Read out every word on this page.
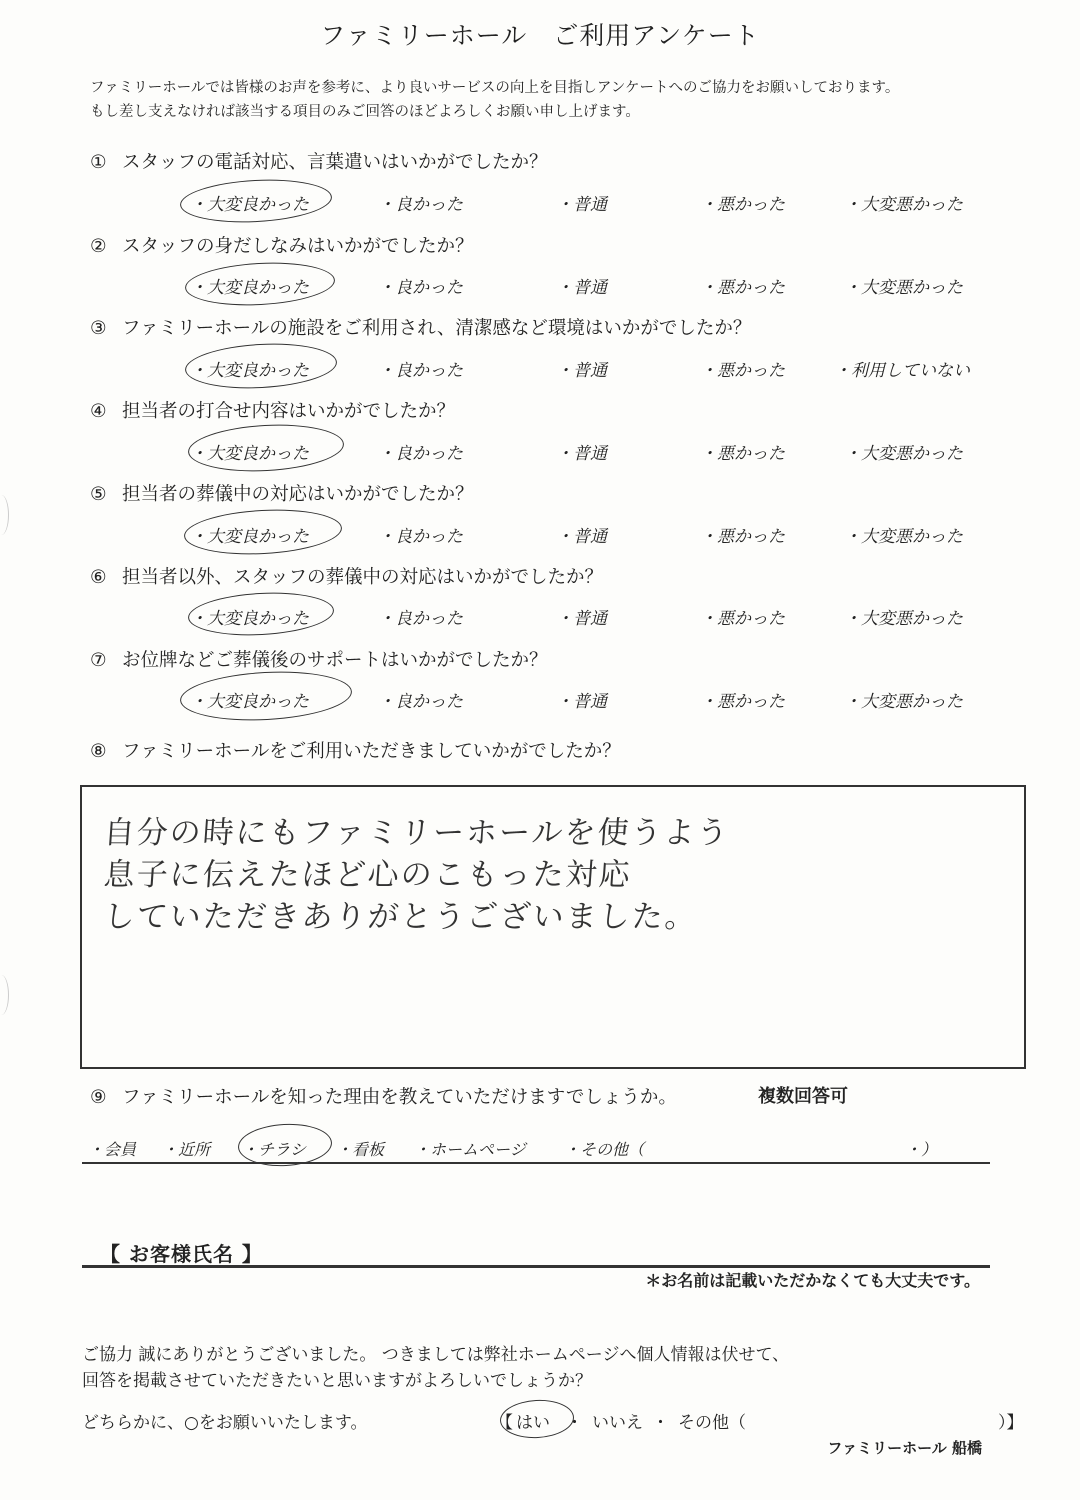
ファミリーホール　ご利用アンケート
ファミリーホールでは皆様のお声を参考に、より良いサービスの向上を目指しアンケートへのご協力をお願いしております。
もし差し支えなければ該当する項目のみご回答のほどよろしくお願い申し上げます。
① スタッフの電話対応、言葉遣いはいかがでしたか？
② スタッフの身だしなみはいかがでしたか？
③ ファミリーホールの施設をご利用され、清潔感など環境はいかがでしたか？
④ 担当者の打合せ内容はいかがでしたか？
⑤ 担当者の葬儀中の対応はいかがでしたか？
⑥ 担当者以外、スタッフの葬儀中の対応はいかがでしたか？
⑦ お位牌などご葬儀後のサポートはいかがでしたか？
・ 大変良かった	・ 良かった	・ 普通	・ 悪かった	・ 大変悪かった
・ 大変良かった	・ 良かった	・ 普通	・ 悪かった	・ 大変悪かった
・ 大変良かった	・ 良かった	・ 普通	・ 悪かった	・ 利用していない
・ 大変良かった	・ 良かった	・ 普通	・ 悪かった	・ 大変悪かった
・ 大変良かった	・ 良かった	・ 普通	・ 悪かった	・ 大変悪かった
・ 大変良かった	・ 良かった	・ 普通	・ 悪かった	・ 大変悪かった
・ 大変良かった	・ 良かった	・ 普通	・ 悪かった	・ 大変悪かった
⑧ ファミリーホールをご利用いただきましていかがでしたか？
自分の時にもファミリーホールを使うよう
息子に伝えたほど心のこもった対応
していただきありがとうございました。
⑨ ファミリーホールを知った理由を教えていただけますでしょうか。	複数回答可
・ 会員	・ 近所	・ チラシ	・ 看板	・ ホームページ	・ その他（	・ ）
【 お客様氏名 】
＊お名前は記載いただかなくても大丈夫です。
ご協力 誠にありがとうございました。 つきましては弊社ホームページへ個人情報は伏せて、
回答を掲載させていただきたいと思いますがよろしいでしょうか？
どちらかに、○をお願いいたします。	【 はい ・ いいえ ・ その他（	）】
ファミリーホール 船橋
